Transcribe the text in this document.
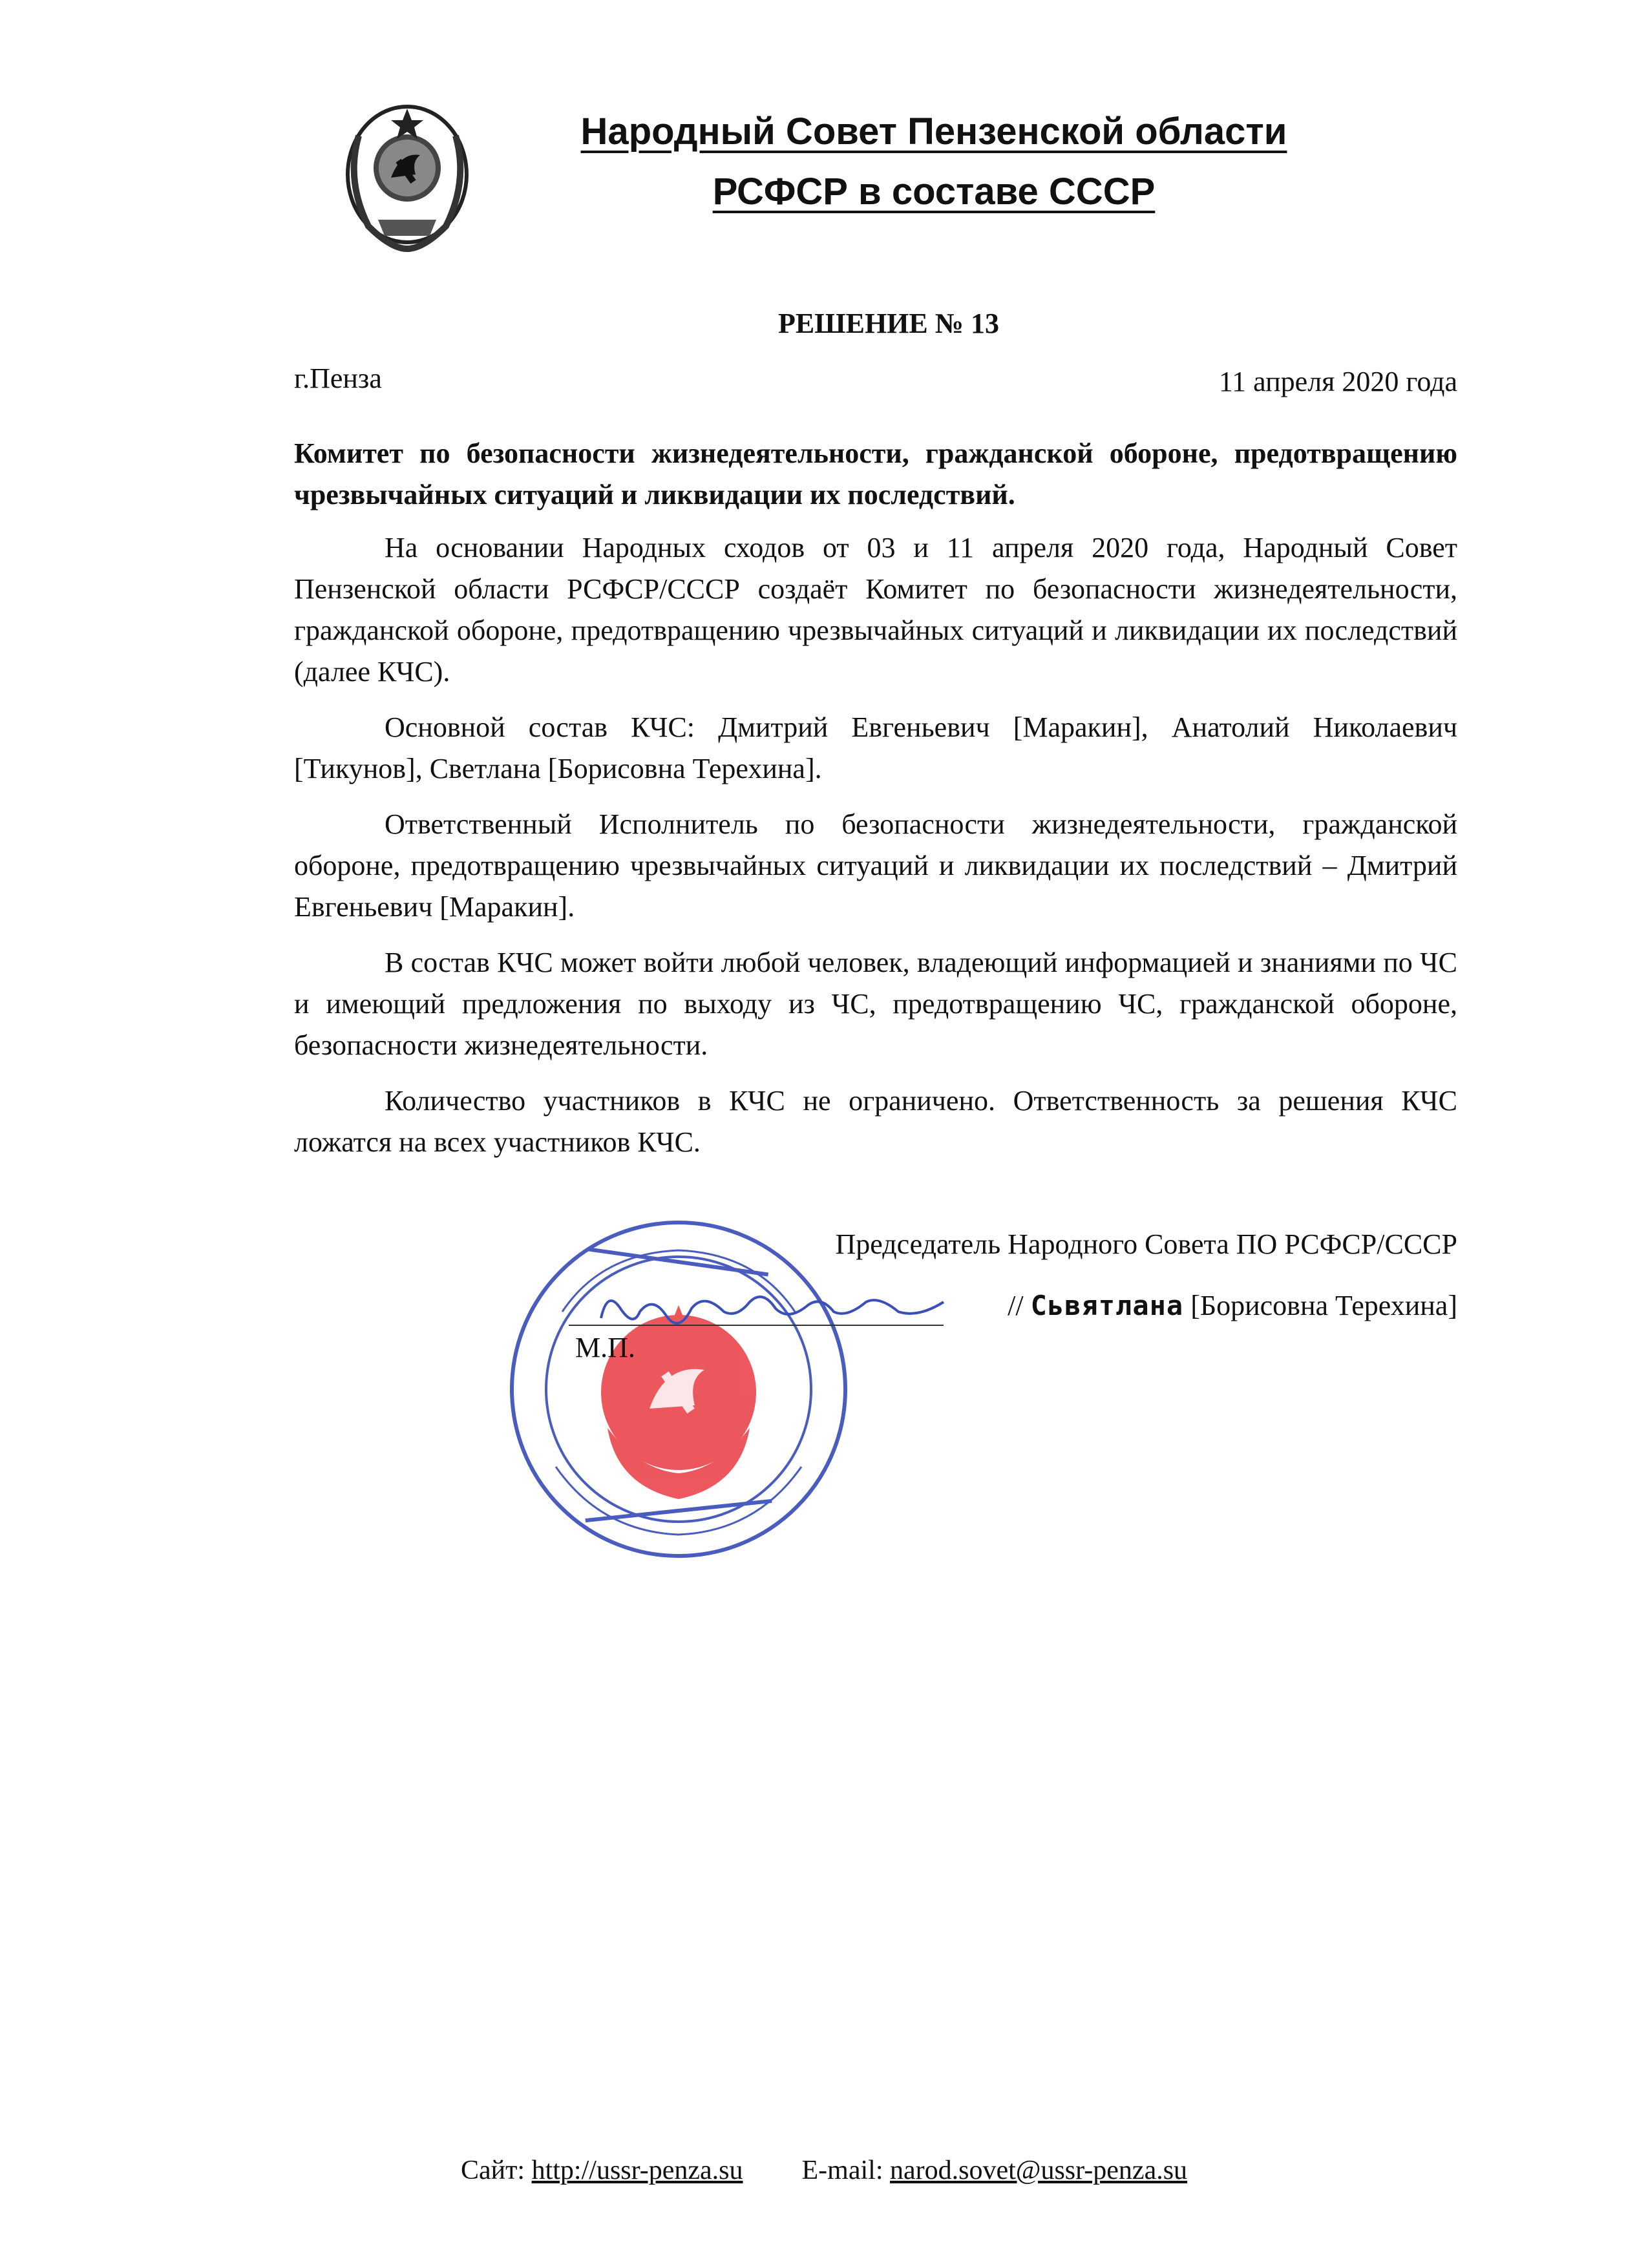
Народный Совет Пензенской области
РСФСР в составе СССР
РЕШЕНИЕ № 13
г.Пенза	11 апреля 2020 года

Комитет по безопасности жизнедеятельности, гражданской обороне, предотвращению чрезвычайных ситуаций и ликвидации их последствий.

На основании Народных сходов от 03 и 11 апреля 2020 года, Народный Совет Пензенской области РСФСР/СССР создаёт Комитет по безопасности жизнедеятельности, гражданской обороне, предотвращению чрезвычайных ситуаций и ликвидации их последствий (далее КЧС).

Основной состав КЧС: Дмитрий Евгеньевич [Маракин], Анатолий Николаевич [Тикунов], Светлана [Борисовна Терехина].

Ответственный Исполнитель по безопасности жизнедеятельности, гражданской обороне, предотвращению чрезвычайных ситуаций и ликвидации их последствий – Дмитрий Евгеньевич [Маракин].

В состав КЧС может войти любой человек, владеющий информацией и знаниями по ЧС и имеющий предложения по выходу из ЧС, предотвращению ЧС, гражданской обороне, безопасности жизнедеятельности.

Количество участников в КЧС не ограничено. Ответственность за решения КЧС ложатся на всех участников КЧС.

Председатель Народного Совета ПО РСФСР/СССР
// Сьвятлана [Борисовна Терехина]
М.П.
Сайт: http://ussr-penza.su E-mail: narod.sovet@ussr-penza.su
